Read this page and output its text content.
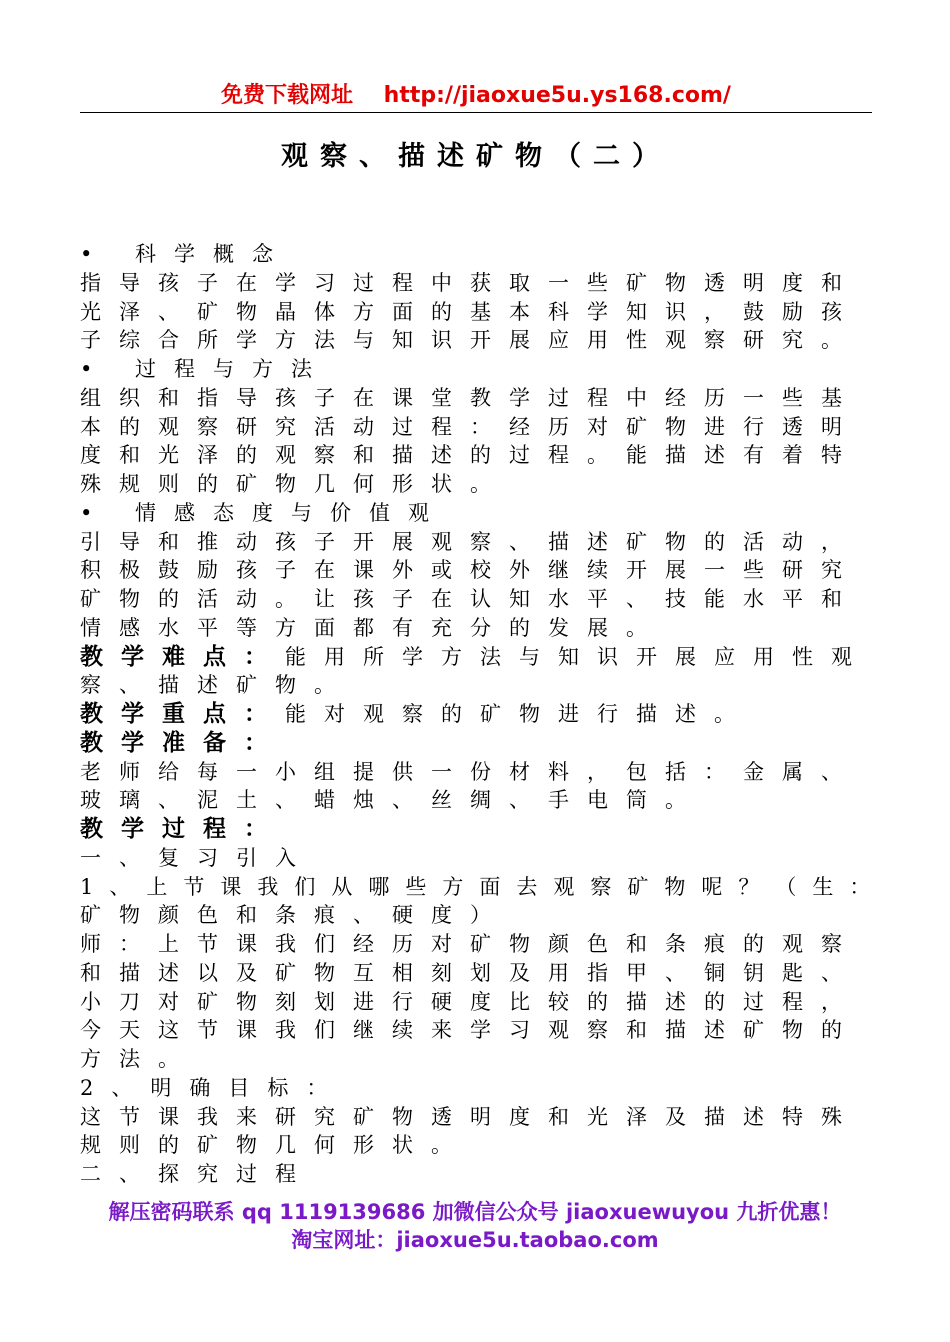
免费下载网址    http://jiaoxue5u.ys168.com/
观察、描述矿物（二）
• 科学概念
指导孩子在学习过程中获取一些矿物透明度和
光泽、矿物晶体方面的基本科学知识，鼓励孩
子综合所学方法与知识开展应用性观察研究。
• 过程与方法
组织和指导孩子在课堂教学过程中经历一些基
本的观察研究活动过程：经历对矿物进行透明
度和光泽的观察和描述的过程。能描述有着特
殊规则的矿物几何形状。
• 情感态度与价值观
引导和推动孩子开展观察、描述矿物的活动，
积极鼓励孩子在课外或校外继续开展一些研究
矿物的活动。让孩子在认知水平、技能水平和
情感水平等方面都有充分的发展。
教学难点：能用所学方法与知识开展应用性观
察、描述矿物。
教学重点：能对观察的矿物进行描述。
教学准备：
老师给每一小组提供一份材料，包括：金属、
玻璃、泥土、蜡烛、丝绸、手电筒。
教学过程：
一、复习引入
1、上节课我们从哪些方面去观察矿物呢？（生：
矿物颜色和条痕、硬度）
师：上节课我们经历对矿物颜色和条痕的观察
和描述以及矿物互相刻划及用指甲、铜钥匙、
小刀对矿物刻划进行硬度比较的描述的过程，
今天这节课我们继续来学习观察和描述矿物的
方法。
2、明确目标：
这节课我来研究矿物透明度和光泽及描述特殊
规则的矿物几何形状。
二、探究过程
解压密码联系 qq 1119139686 加微信公众号 jiaoxuewuyou 九折优惠！
淘宝网址：jiaoxue5u.taobao.com
